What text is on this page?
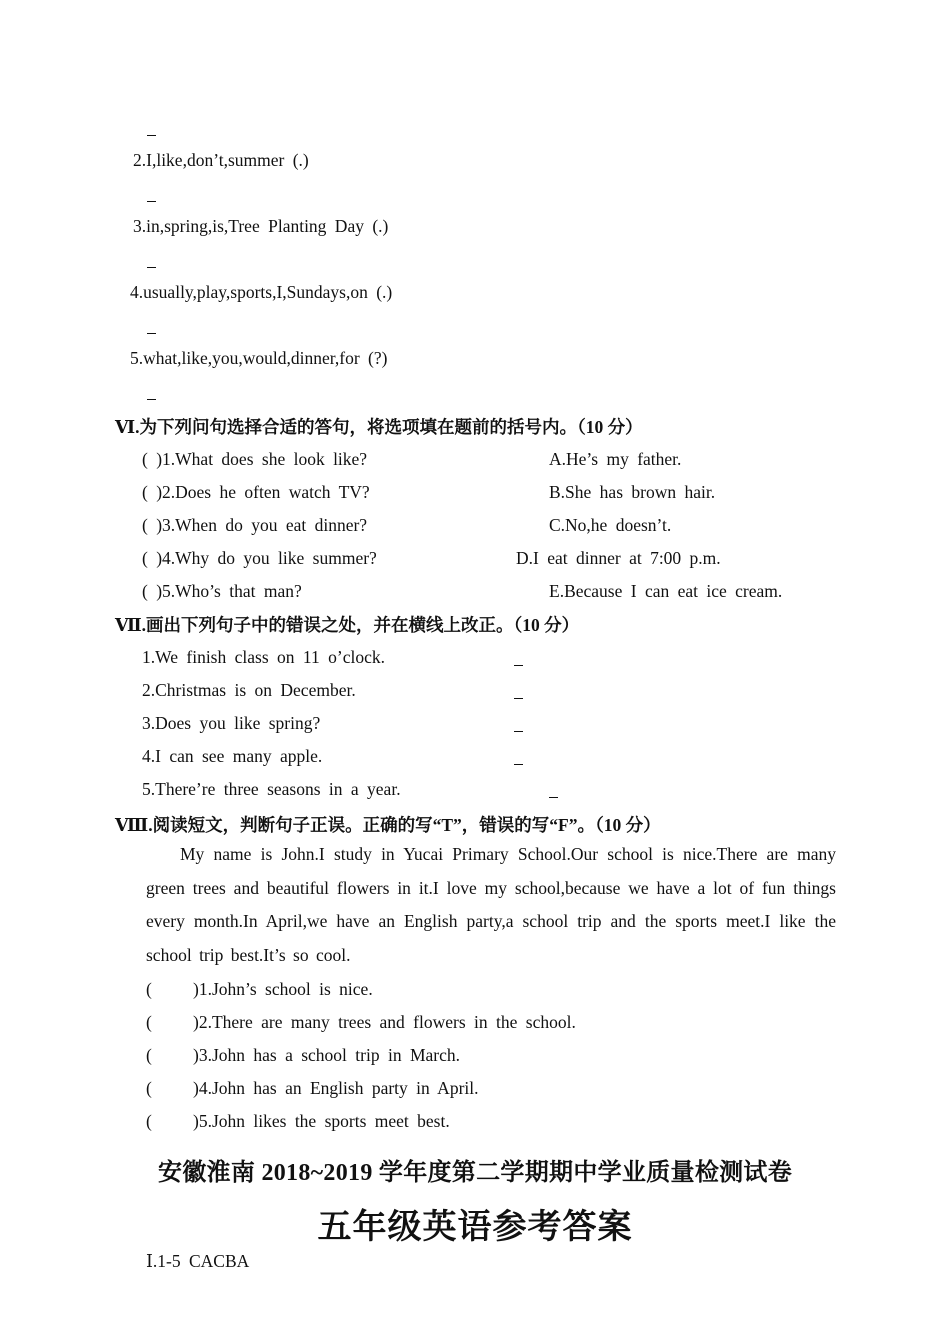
2.I,like,don’t,summer (.)
3.in,spring,is,Tree Planting Day (.)
4.usually,play,sports,I,Sundays,on (.)
5.what,like,you,would,dinner,for (?)
Ⅵ.为下列问句选择合适的答句，将选项填在题前的括号内。（10 分）
( )1.What does she look like?
( )2.Does he often watch TV?
( )3.When do you eat dinner?
( )4.Why do you like summer?
( )5.Who’s that man?
A.He’s my father.
B.She has brown hair.
C.No,he doesn’t.
D.I eat dinner at 7:00 p.m.
E.Because I can eat ice cream.
Ⅶ.画出下列句子中的错误之处，并在横线上改正。（10 分）
1.We finish class on 11 o’clock.
2.Christmas is on December.
3.Does you like spring?
4.I can see many apple.
5.There’re three seasons in a year.
Ⅷ.阅读短文，判断句子正误。正确的写“T”，错误的写“F”。（10 分）
My name is John.I study in Yucai Primary School.Our school is nice.There are many green trees and beautiful flowers in it.I love my school,because we have a lot of fun things every month.In April,we have an English party,a school trip and the sports meet.I like the school trip best.It’s so cool.
( )1.John’s school is nice.
( )2.There are many trees and flowers in the school.
( )3.John has a school trip in March.
( )4.John has an English party in April.
( )5.John likes the sports meet best.
安徽淮南 2018~2019 学年度第二学期期中学业质量检测试卷
五年级英语参考答案
Ⅰ.1-5 CACBA
